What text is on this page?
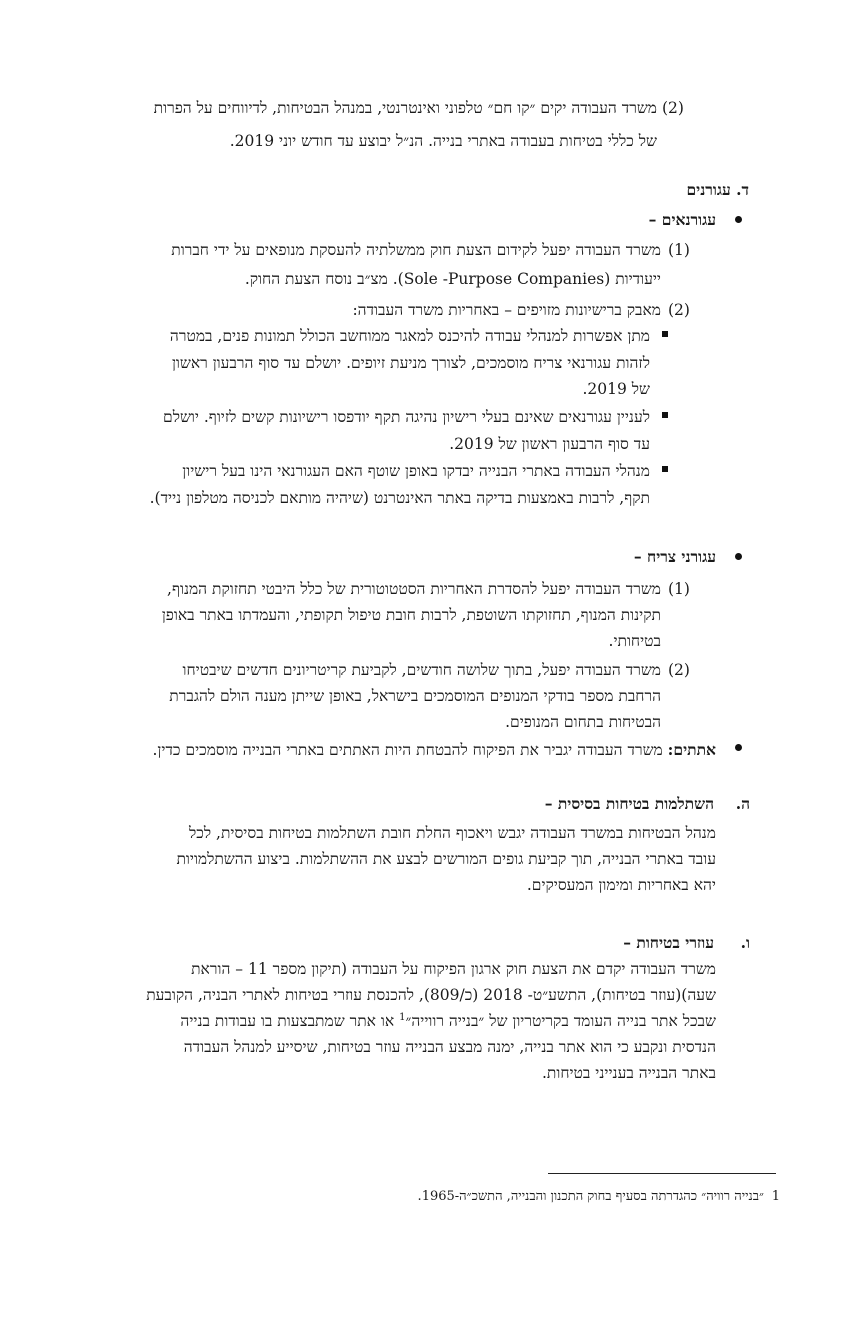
(2)
משרד העבודה יקים ״קו חם״ טלפוני ואינטרנטי, במנהל הבטיחות, לדיווחים על הפרות
של כללי בטיחות בעבודה באתרי בנייה. הנ״ל יבוצע עד חודש יוני 2019.
ד. עגורנים
עגורנאים –
(1)
משרד העבודה יפעל לקידום הצעת חוק ממשלתיה להעסקת מנופאים על ידי חברות
ייעודיות (Sole -Purpose Companies). מצ״ב נוסח הצעת החוק.
(2)
מאבק ברישיונות מזויפים – באחריות משרד העבודה:
מתן אפשרות למנהלי עבודה להיכנס למאגר ממוחשב הכולל תמונות פנים, במטרה
לזהות עגורנאי צריח מוסמכים, לצורך מניעת זיופים. יושלם עד סוף הרבעון ראשון
של 2019.
לעניין עגורנאים שאינם בעלי רישיון נהיגה תקף יודפסו רישיונות קשים לזיוף. יושלם
עד סוף הרבעון ראשון של 2019.
מנהלי העבודה באתרי הבנייה יבדקו באופן שוטף האם העגורנאי הינו בעל רישיון
תקף, לרבות באמצעות בדיקה באתר האינטרנט (שיהיה מותאם לכניסה מטלפון נייד).
עגורני צריח –
(1)
משרד העבודה יפעל להסדרת האחריות הסטטוטורית של כלל היבטי תחזוקת המנוף,
תקינות המנוף, תחזוקתו השוטפת, לרבות חובת טיפול תקופתי, והעמדתו באתר באופן
בטיחותי.
(2)
משרד העבודה יפעל, בתוך שלושה חודשים, לקביעת קריטריונים חדשים שיבטיחו
הרחבת מספר בודקי המנופים המוסמכים בישראל, באופן שייתן מענה הולם להגברת
הבטיחות בתחום המנופים.
אתתים: משרד העבודה יגביר את הפיקוח להבטחת היות האתתים באתרי הבנייה מוסמכים כדין.
ה.
השתלמות בטיחות בסיסית –
מנהל הבטיחות במשרד העבודה יגבש ויאכוף החלת חובת השתלמות בטיחות בסיסית, לכל
עובד באתרי הבנייה, תוך קביעת גופים המורשים לבצע את ההשתלמות. ביצוע ההשתלמויות
יהא באחריות ומימון המעסיקים.
ו.
עוזרי בטיחות –
משרד העבודה יקדם את הצעת חוק ארגון הפיקוח על העבודה (תיקון מספר 11 – הוראת
שעה)(עוזר בטיחות), התשע״ט- 2018 (כ/809), להכנסת עוזרי בטיחות לאתרי הבניה, הקובעת
שבכל אתר בנייה העומד בקריטריון של ״בנייה רווייה״$^1$ או אתר שמתבצעות בו עבודות בנייה
הנדסית ונקבע כי הוא אתר בנייה, ימנה מבצע הבנייה עוזר בטיחות, שיסייע למנהל העבודה
באתר הבנייה בענייני בטיחות.
1
״בנייה רוויה״ כהגדרתה בסעיף בחוק התכנון והבנייה, התשכ״ה-1965.
